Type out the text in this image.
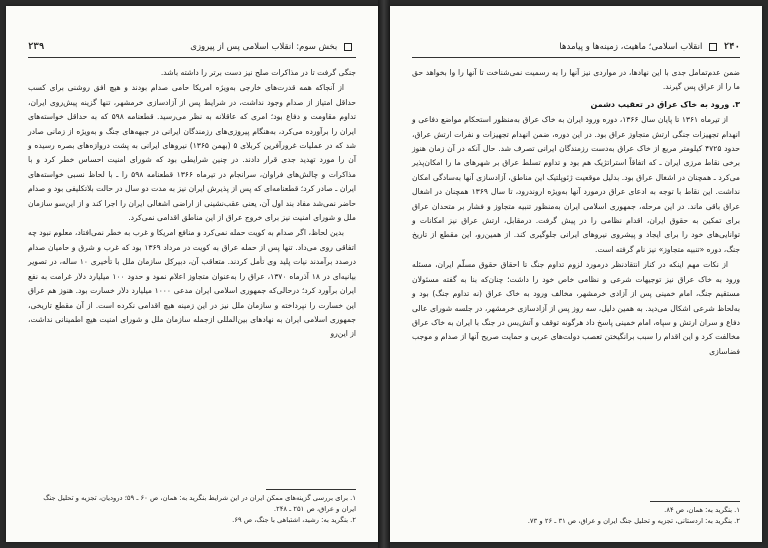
بخش سوم: انقلاب اسلامی پس از پیروزی
۲۳۹

جنگی گرفت تا در مذاکرات صلح نیز دست برتر را داشته باشد.

از آنجاکه همه قدرت‌های خارجی به‌ویژه امریکا حامی صدام بودند و هیچ افق روشنی برای کسب حداقل امتیاز از صدام وجود نداشت، در شرایط پس از آزادسازی خرمشهر، تنها گزینه پیش‌روی ایران، تداوم مقاومت و دفاع بود؛ امری که عاقلانه به نظر می‌رسید. قطعنامه ۵۹۸ که به حداقل خواسته‌های ایران را برآورده می‌کرد، به‌هنگام پیروزی‌های رزمندگان ایرانی در جبهه‌های جنگ و به‌ویژه از زمانی صادر شد که در عملیات غرورآفرین کربلای ۵ (بهمن ۱۳۶۵) نیروهای ایرانی به پشت دروازه‌های بصره رسیده و آن را مورد تهدید جدی قرار دادند. در چنین شرایطی بود که شورای امنیت احساس خطر کرد و با مذاکرات و چالش‌های فراوان، سرانجام در تیرماه ۱۳۶۶ قطعنامه ۵۹۸ را ـ با لحاظ نسبی خواسته‌های ایران ـ صادر کرد؛ قطعنامه‌ای که پس از پذیرش ایران نیز به مدت دو سال در حالت بلاتکلیفی بود و صدام حاضر نمی‌شد مفاد بند اول آن، یعنی عقب‌نشینی از اراضی اشغالی ایران را اجرا کند و از این‌سو سازمان ملل و شورای امنیت نیز برای خروج عراق از این مناطق اقدامی نمی‌کرد.

بدین لحاظ، اگر صدام به کویت حمله نمی‌کرد و منافع امریکا و غرب به خطر نمی‌افتاد، معلوم نبود چه اتفاقی روی می‌داد. تنها پس از حمله عراق به کویت در مرداد ۱۳۶۹ بود که غرب و شرق و حامیان صدام درصدد برآمدند نیات پلید وی تأمل کردند. متعاقب آن، دبیرکل سازمان ملل با تأخیری ۱۰ ساله، در تصویر بیانیه‌ای در ۱۸ آذرماه ۱۳۷۰، عراق را به‌عنوان متجاوز اعلام نمود و حدود ۱۰۰ میلیارد دلار غرامت به نفع ایران برآورد کرد؛ درحالی‌که جمهوری اسلامی ایران مدعی ۱۰۰۰ میلیارد دلار خسارت بود. هنوز هم عراق این خسارت را نپرداخته و سازمان ملل نیز در این زمینه هیچ اقدامی نکرده است. از آن مقطع تاریخی، جمهوری اسلامی ایران به نهادهای بین‌المللی ازجمله سازمان ملل و شورای امنیت هیچ اطمینانی نداشت، از این‌رو

۱. برای بررسی گزینه‌های ممکن ایران در این شرایط بنگرید به: همان، ص ۶۰ ـ ۵۹؛ درودیان، تجزیه و تحلیل جنگ ایران و عراق، ص ۲۵۱ ـ ۲۴۸.
۲. بنگرید به: رشید، اشتباهی با جنگ، ص ۶۹.
۲۴۰  انقلاب اسلامی؛ ماهیت، زمینه‌ها و پیامدها

ضمن عدم‌تمامل جدی با این نهادها، در مواردی نیز آنها را به رسمیت نمی‌شناخت تا آنها را وا بخواهد حق ما را از عراق پس گیرند.

۳. ورود به خاک عراق در تعقیب دشمن

از تیرماه ۱۳۶۱ تا پایان سال ۱۳۶۶، دوره ورود ایران به خاک عراق به‌منظور استحکام مواضع دفاعی و انهدام تجهیزات جنگی ارتش متجاوز عراق بود. در این دوره، ضمن انهدام تجهیزات و نفرات ارتش عراق، حدود ۴۷۲۵ کیلومتر مربع از خاک عراق به‌دست رزمندگان ایرانی تصرف شد. حال آنکه در آن زمان هنوز برخی نقاط مرزی ایران ـ که اتفاقاً استراتژیک هم بود و تداوم تسلط عراق بر شهرهای ما را امکان‌پذیر می‌کرد ـ همچنان در اشغال عراق بود. بدلیل موقعیت ژئوپلتیک این مناطق، آزادسازی آنها به‌سادگی امکان نداشت. این نقاط با توجه به ادعای عراق درمورد آنها به‌ویژه اروندرود، تا سال ۱۳۶۹ همچنان در اشغال عراق باقی ماند. در این مرحله، جمهوری اسلامی ایران به‌منظور تنبیه متجاوز و فشار بر متحدان عراق برای تمکین به حقوق ایران، اقدام نظامی را در پیش گرفت. درمقابل، ارتش عراق نیز امکانات و توانایی‌های خود را برای ایجاد و پیشروی نیروهای ایرانی جلوگیری کند. از همین‌رو، این مقطع از تاریخ جنگ، دوره «تنبیه متجاوز» نیز نام گرفته است.

از نکات مهم اینکه در کنار انتقادنظر درمورد لزوم تداوم جنگ تا احقاق حقوق مسلّم ایران، مسئله ورود به خاک عراق نیز توجیهات شرعی و نظامی خاص خود را داشت؛ چنان‌که بنا به گفته مسئولان مستقیم جنگ، امام خمینی پس از آزادی خرمشهر، مخالف ورود به خاک عراق (نه تداوم جنگ) بود و به‌لحاظ شرعی اشکال می‌دید. به همین دلیل، سه روز پس از آزادسازی خرمشهر، در جلسه شورای عالی دفاع و سران ارتش و سپاه، امام خمینی پاسخ داد هرگونه توقف و آتش‌بس در جنگ با ایران به خاک عراق مخالفت کرد و این اقدام را سبب برانگیختن تعصب دولت‌های عربی و حمایت صریح آنها از صدام و موجب فضاسازی

۱. بنگرید به: همان، ص ۸۴.
۲. بنگرید به: اردستانی، تجزیه و تحلیل جنگ ایران و عراق، ص ۳۱ ـ ۲۶ و ۷۳.
